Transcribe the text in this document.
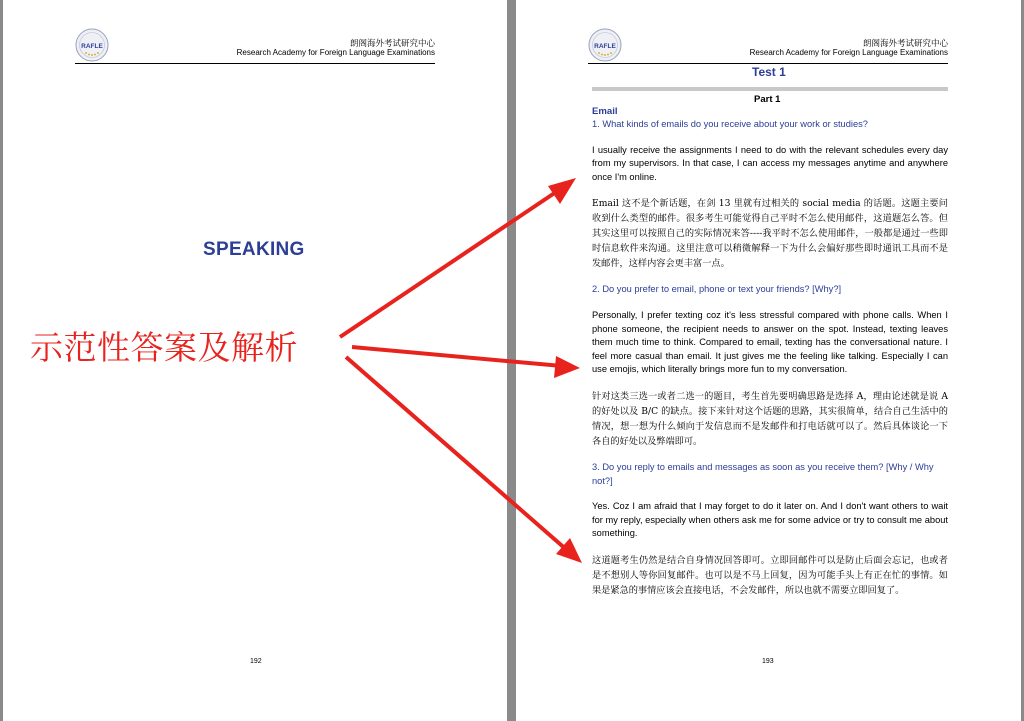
RAFLE	朗阁海外考试研究中心
Research Academy for Foreign Language Examinations
SPEAKING
192
RAFLE	朗阁海外考试研究中心
Research Academy for Foreign Language Examinations
Test 1
Part 1

Email

1. What kinds of emails do you receive about your work or studies?

I usually receive the assignments I need to do with the relevant schedules every day from my supervisors. In that case, I can access my messages anytime and anywhere once I'm online.

Email 这不是个新话题，在剑 13 里就有过相关的 social media 的话题。这题主要问收到什么类型的邮件。很多考生可能觉得自己平时不怎么使用邮件，这道题怎么答。但其实这里可以按照自己的实际情况来答----我平时不怎么使用邮件，一般都是通过一些即时信息软件来沟通。这里注意可以稍微解释一下为什么会偏好那些即时通讯工具而不是发邮件，这样内容会更丰富一点。

2. Do you prefer to email, phone or text your friends? [Why?]

Personally, I prefer texting coz it's less stressful compared with phone calls. When I phone someone, the recipient needs to answer on the spot. Instead, texting leaves them much time to think. Compared to email, texting has the conversational nature. I feel more casual than email. It just gives me the feeling like talking. Especially I can use emojis, which literally brings more fun to my conversation.

针对这类三选一或者二选一的题目，考生首先要明确思路是选择 A，理由论述就是说 A 的好处以及 B/C 的缺点。接下来针对这个话题的思路，其实很简单，结合自己生活中的情况，想一想为什么倾向于发信息而不是发邮件和打电话就可以了。然后具体谈论一下各自的好处以及弊端即可。

3. Do you reply to emails and messages as soon as you receive them? [Why / Why not?]

Yes. Coz I am afraid that I may forget to do it later on. And I don't want others to wait for my reply, especially when others ask me for some advice or try to consult me about something.

这道题考生仍然是结合自身情况回答即可。立即回邮件可以是防止后面会忘记，也或者是不想别人等你回复邮件。也可以是不马上回复，因为可能手头上有正在忙的事情。如果是紧急的事情应该会直接电话，不会发邮件，所以也就不需要立即回复了。

193
示范性答案及解析
